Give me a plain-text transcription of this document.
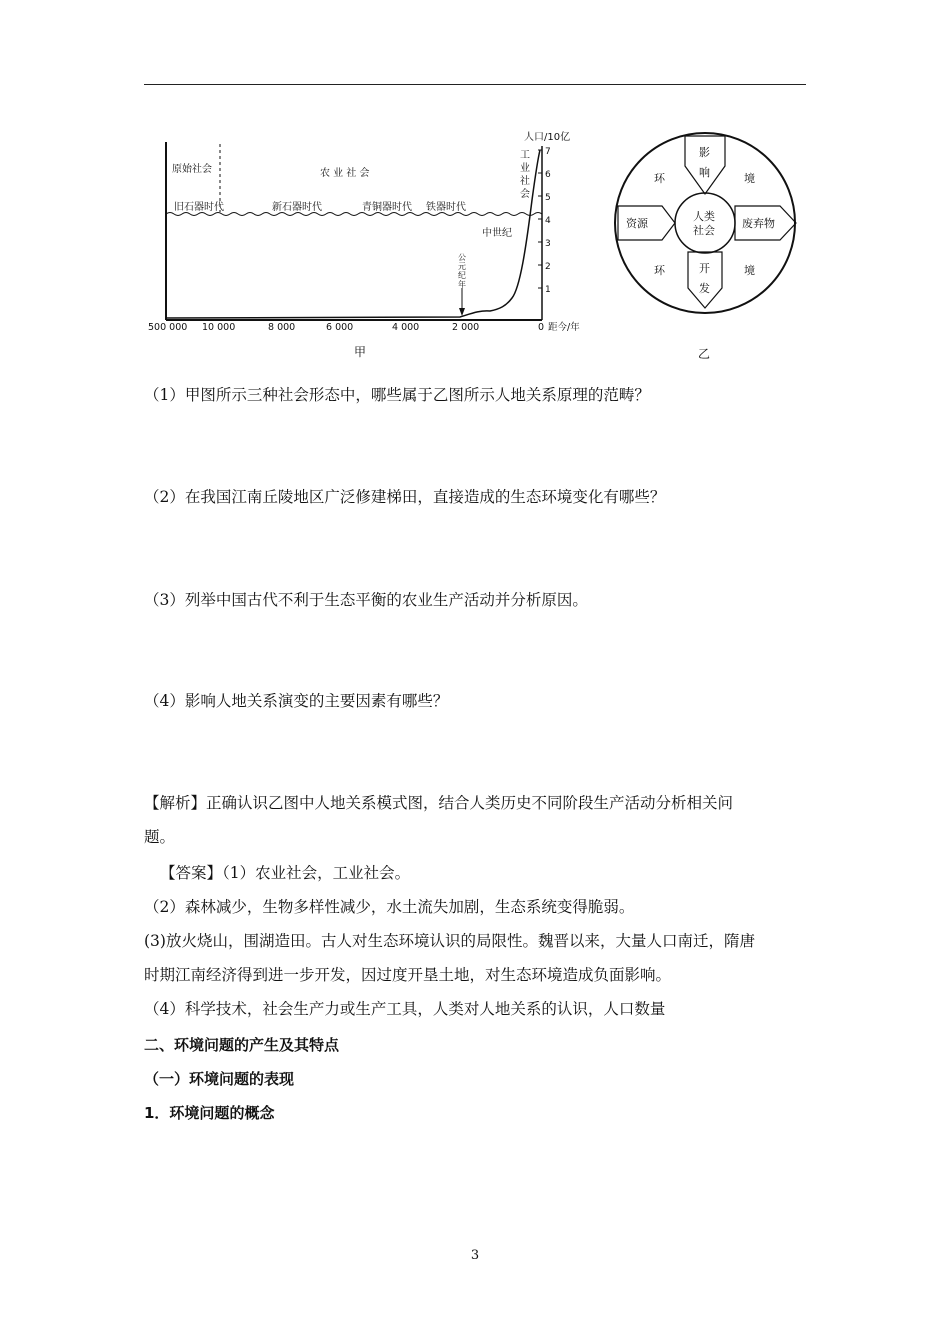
1
2
3
4
5
6
7
人口/10亿
公
元
纪
年
原始社会	农 业 社 会
工
业
社
会
旧石器时代	新石器时代	青铜器时代 铁器时代
中世纪
500 000 10 000	8 000	6 000	4 000	2 000	0 距今/年
甲
影
响
人类
社会
资源	废弃物
开
发
环	境
环	境
乙
（1）甲图所示三种社会形态中，哪些属于乙图所示人地关系原理的范畴？
（2）在我国江南丘陵地区广泛修建梯田，直接造成的生态环境变化有哪些？
（3）列举中国古代不利于生态平衡的农业生产活动并分析原因。
（4）影响人地关系演变的主要因素有哪些？
【解析】正确认识乙图中人地关系模式图，结合人类历史不同阶段生产活动分析相关问
题。
【答案】（1）农业社会，工业社会。
（2）森林减少，生物多样性减少，水土流失加剧，生态系统变得脆弱。
(3)放火烧山，围湖造田。古人对生态环境认识的局限性。魏晋以来，大量人口南迁，隋唐
时期江南经济得到进一步开发，因过度开垦土地，对生态环境造成负面影响。
（4）科学技术，社会生产力或生产工具，人类对人地关系的认识，人口数量
二、环境问题的产生及其特点
（一）环境问题的表现
1．环境问题的概念
3
